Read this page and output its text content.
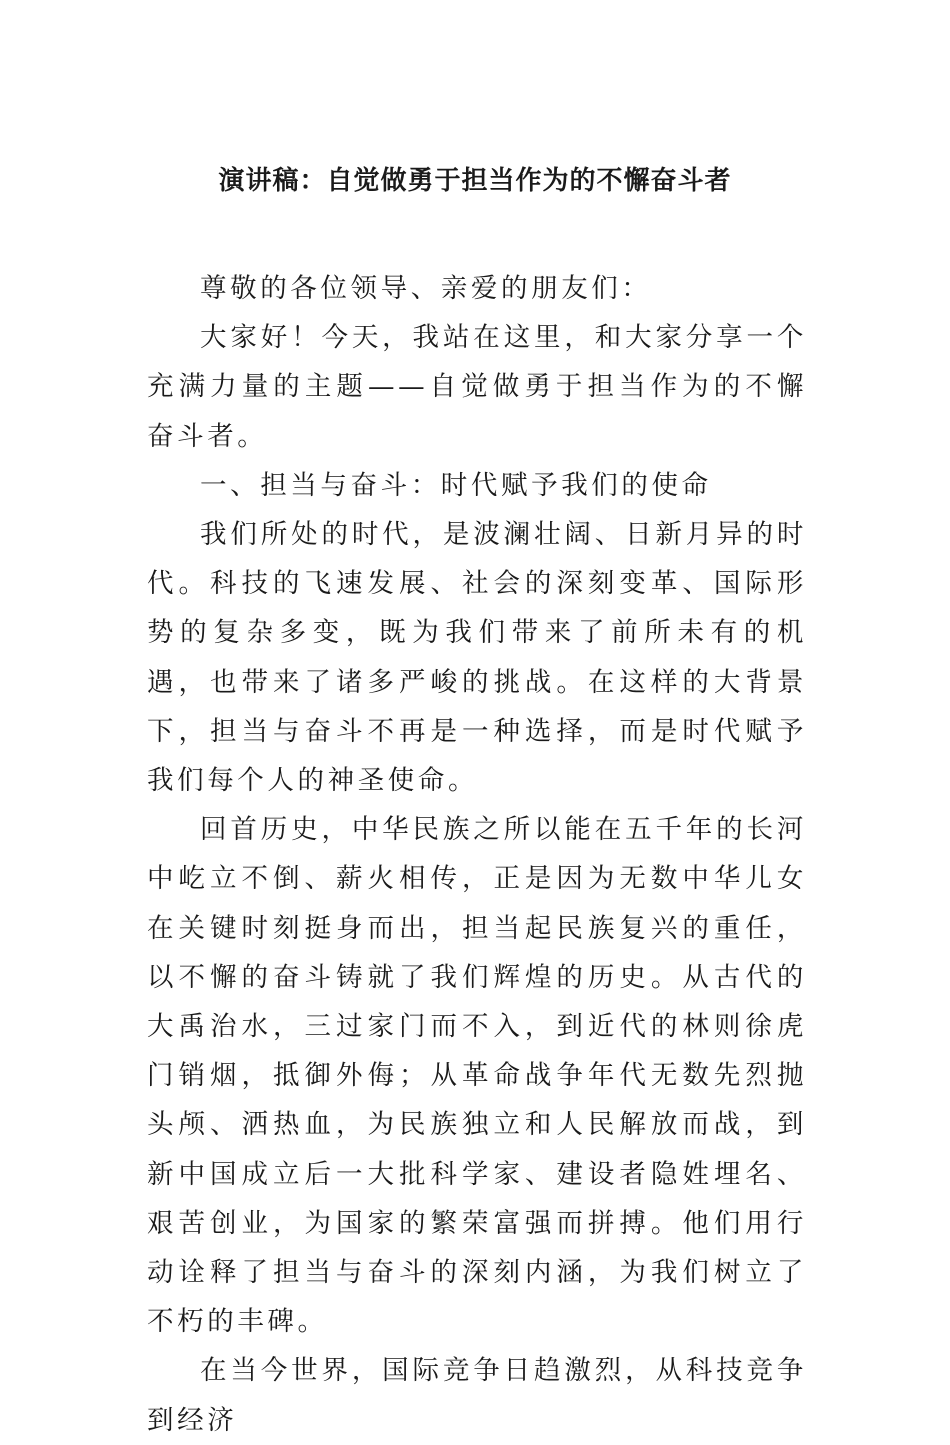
演讲稿：自觉做勇于担当作为的不懈奋斗者

尊敬的各位领导、亲爱的朋友们：

大家好！今天，我站在这里，和大家分享一个充满力量的主题——自觉做勇于担当作为的不懈奋斗者。

一、担当与奋斗：时代赋予我们的使命

我们所处的时代，是波澜壮阔、日新月异的时代。科技的飞速发展、社会的深刻变革、国际形势的复杂多变，既为我们带来了前所未有的机遇，也带来了诸多严峻的挑战。在这样的大背景下，担当与奋斗不再是一种选择，而是时代赋予我们每个人的神圣使命。

回首历史，中华民族之所以能在五千年的长河中屹立不倒、薪火相传，正是因为无数中华儿女在关键时刻挺身而出，担当起民族复兴的重任，以不懈的奋斗铸就了我们辉煌的历史。从古代的大禹治水，三过家门而不入，到近代的林则徐虎门销烟，抵御外侮；从革命战争年代无数先烈抛头颅、洒热血，为民族独立和人民解放而战，到新中国成立后一大批科学家、建设者隐姓埋名、艰苦创业，为国家的繁荣富强而拼搏。他们用行动诠释了担当与奋斗的深刻内涵，为我们树立了不朽的丰碑。

在当今世界，国际竞争日趋激烈，从科技竞争到经济
